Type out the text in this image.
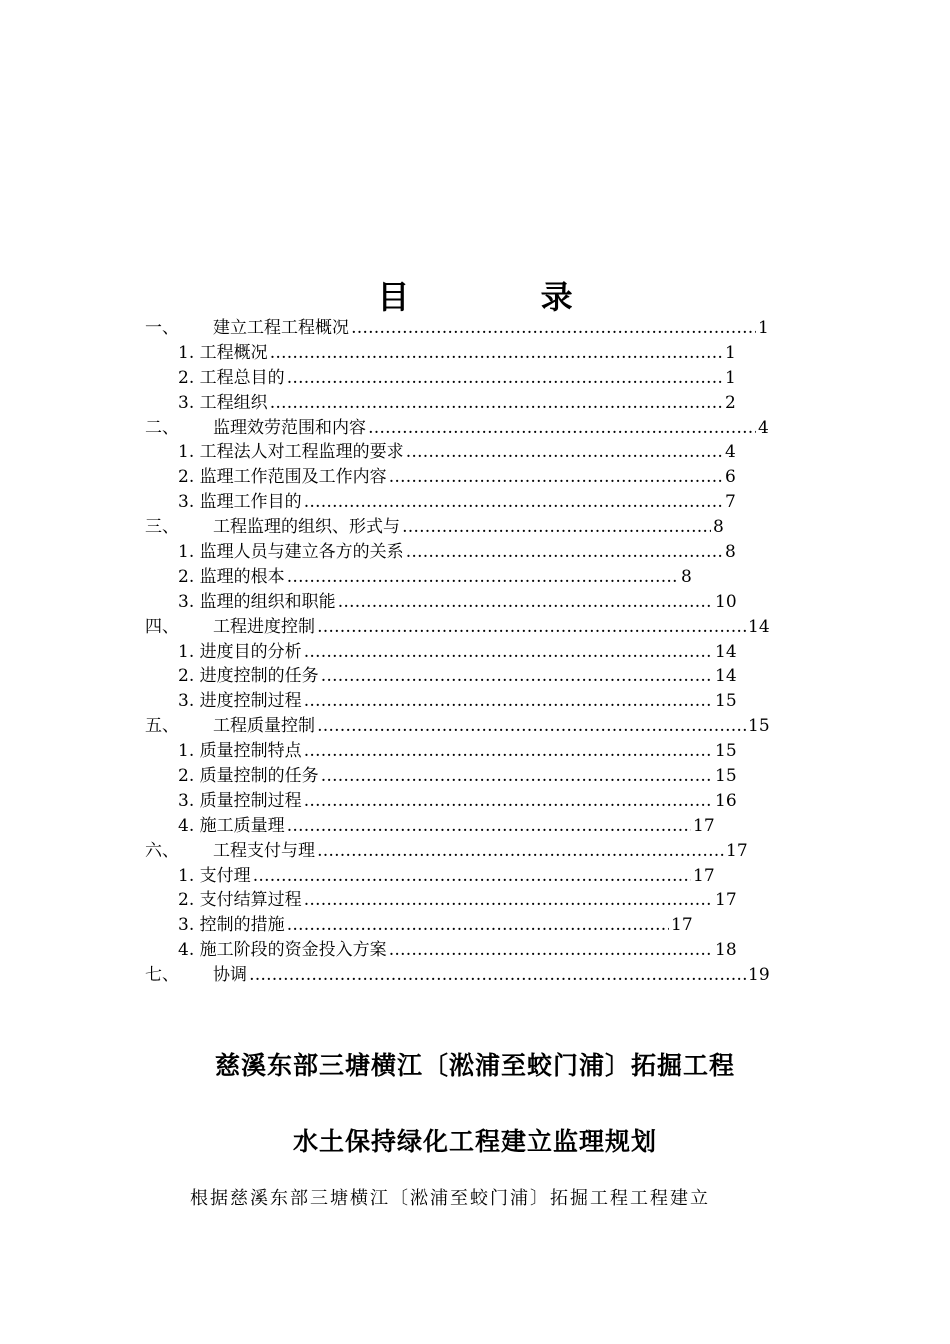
目 录
一、 建立工程工程概况 ……………………………………………………………………………………………………………………	1
1. 工程概况 ……………………………………………………………………………………………………………………	1
2. 工程总目的 ……………………………………………………………………………………………………………………	1
3. 工程组织 ……………………………………………………………………………………………………………………	2
二、 监理效劳范围和内容 ……………………………………………………………………………………………………………………	4
1. 工程法人对工程监理的要求 ……………………………………………………………………………………………………………………	4
2. 监理工作范围及工作内容 ……………………………………………………………………………………………………………………	6
3. 监理工作目的 ……………………………………………………………………………………………………………………	7
三、 工程监理的组织、形式与 ……………………………………………………………………………………………………………………	8
1. 监理人员与建立各方的关系 ……………………………………………………………………………………………………………………	8
2. 监理的根本 ……………………………………………………………………………………………………………………	8
3. 监理的组织和职能 ……………………………………………………………………………………………………………………	10
四、 工程进度控制 ……………………………………………………………………………………………………………………	14
1. 进度目的分析 ……………………………………………………………………………………………………………………	14
2. 进度控制的任务 ……………………………………………………………………………………………………………………	14
3. 进度控制过程 ……………………………………………………………………………………………………………………	15
五、 工程质量控制 ……………………………………………………………………………………………………………………	15
1. 质量控制特点 ……………………………………………………………………………………………………………………	15
2. 质量控制的任务 ……………………………………………………………………………………………………………………	15
3. 质量控制过程 ……………………………………………………………………………………………………………………	16
4. 施工质量理 ……………………………………………………………………………………………………………………	17
六、 工程支付与理 ……………………………………………………………………………………………………………………	17
1. 支付理 ……………………………………………………………………………………………………………………	17
2. 支付结算过程 ……………………………………………………………………………………………………………………	17
3. 控制的措施 ……………………………………………………………………………………………………………………	17
4. 施工阶段的资金投入方案 ……………………………………………………………………………………………………………………	18
七、 协调 ……………………………………………………………………………………………………………………	19
慈溪东部三塘横江〔淞浦至蛟门浦〕拓掘工程
水土保持绿化工程建立监理规划
根据慈溪东部三塘横江〔淞浦至蛟门浦〕拓掘工程工程建立
